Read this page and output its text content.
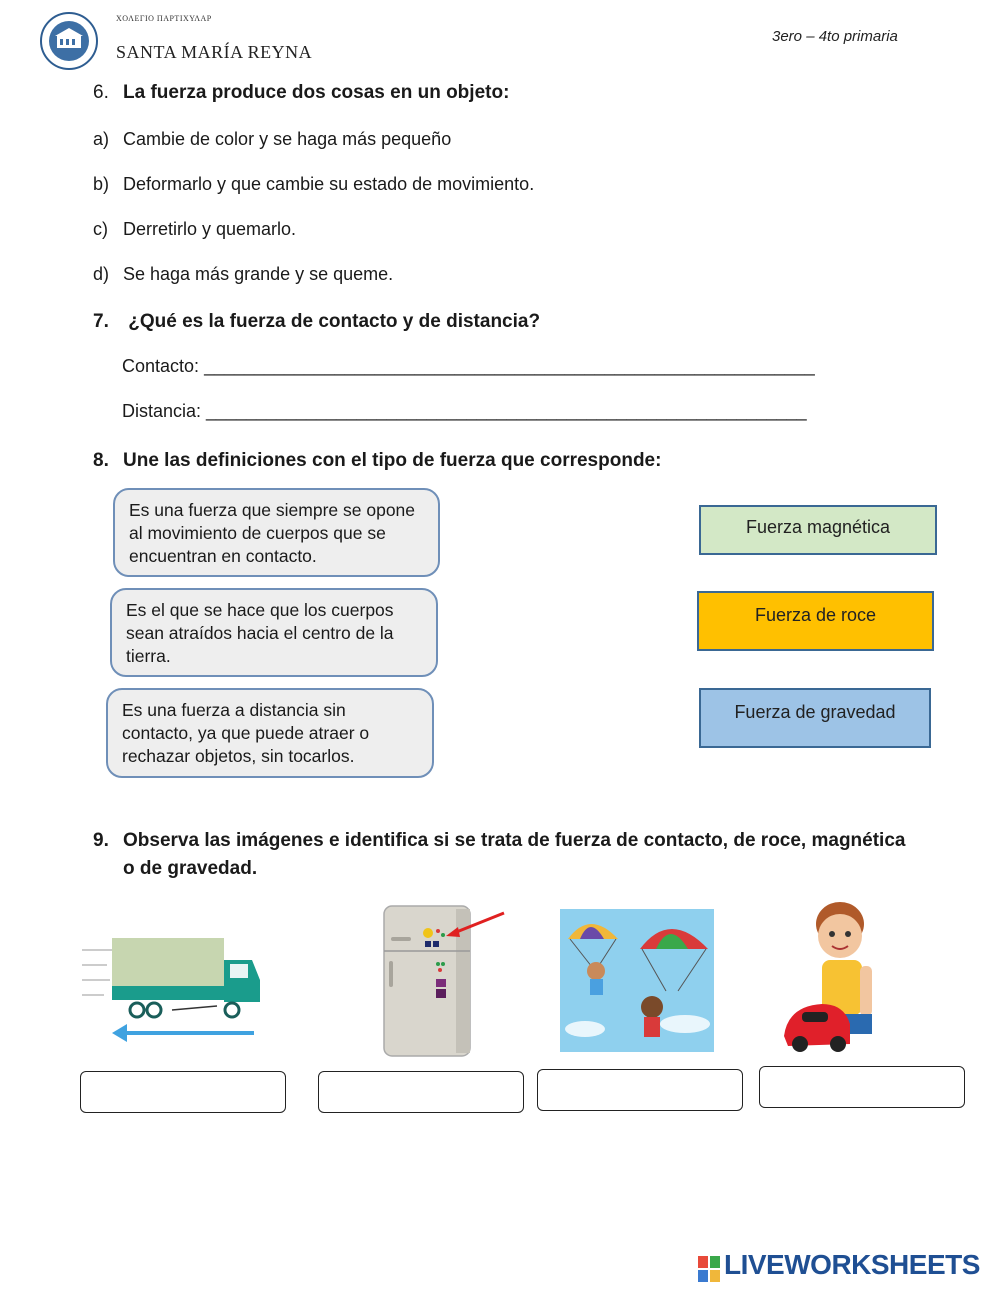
ΧΟΛΕΓΙΟ ΠΑΡΤΙΧΥΛΑΡ
SANTA MARÍA REYNA
3ero – 4to primaria
6. La fuerza produce dos cosas en un objeto:
a) Cambie de color y se haga más pequeño
b) Deformarlo y que cambie su estado de movimiento.
c) Derretirlo y quemarlo.
d) Se haga más grande y se queme.
7. ¿Qué es la fuerza de contacto y de distancia?
Contacto: _____________________________________________________________
Distancia: ____________________________________________________________
8. Une las definiciones con el tipo de fuerza que corresponde:
Es una fuerza que siempre se opone al movimiento de cuerpos que se encuentran en contacto.
Es el que se hace que los cuerpos sean atraídos hacia el centro de la tierra.
Es una fuerza a distancia sin contacto, ya que puede atraer o rechazar objetos, sin tocarlos.
Fuerza magnética
Fuerza de roce
Fuerza de gravedad
9. Observa las imágenes e identifica si se trata de fuerza de contacto, de roce, magnética
o de gravedad.
LIVEWORKSHEETS
